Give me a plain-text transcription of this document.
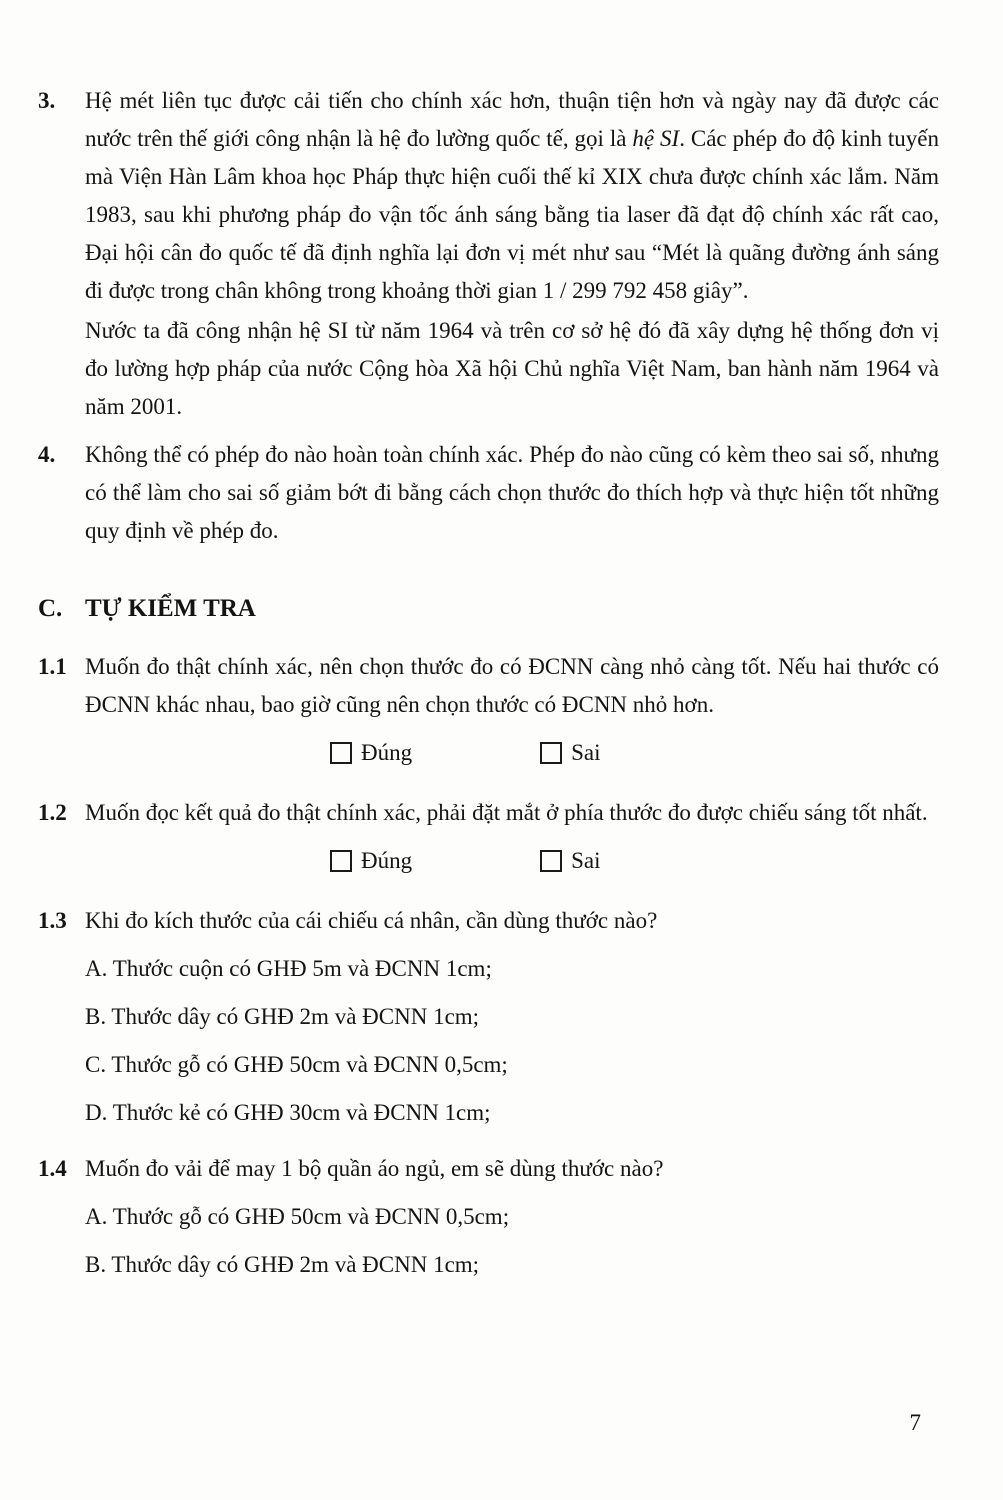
3.	Hệ mét liên tục được cải tiến cho chính xác hơn, thuận tiện hơn và ngày nay đã được các nước trên thế giới công nhận là hệ đo lường quốc tế, gọi là hệ SI. Các phép đo độ kinh tuyến mà Viện Hàn Lâm khoa học Pháp thực hiện cuối thế kỉ XIX chưa được chính xác lắm. Năm 1983, sau khi phương pháp đo vận tốc ánh sáng bằng tia laser đã đạt độ chính xác rất cao, Đại hội cân đo quốc tế đã định nghĩa lại đơn vị mét như sau “Mét là quãng đường ánh sáng đi được trong chân không trong khoảng thời gian 1 / 299 792 458 giây”.

Nước ta đã công nhận hệ SI từ năm 1964 và trên cơ sở hệ đó đã xây dựng hệ thống đơn vị đo lường hợp pháp của nước Cộng hòa Xã hội Chủ nghĩa Việt Nam, ban hành năm 1964 và năm 2001.

4.	Không thể có phép đo nào hoàn toàn chính xác. Phép đo nào cũng có kèm theo sai số, nhưng có thể làm cho sai số giảm bớt đi bằng cách chọn thước đo thích hợp và thực hiện tốt những quy định về phép đo.

C. TỰ KIỂM TRA
1.1 Muốn đo thật chính xác, nên chọn thước đo có ĐCNN càng nhỏ càng tốt. Nếu hai thước có ĐCNN khác nhau, bao giờ cũng nên chọn thước có ĐCNN nhỏ hơn.

Đúng	Sai
1.2 Muốn đọc kết quả đo thật chính xác, phải đặt mắt ở phía thước đo được chiếu sáng tốt nhất.

Đúng	Sai
1.3 Khi đo kích thước của cái chiếu cá nhân, cần dùng thước nào?

A. Thước cuộn có GHĐ 5m và ĐCNN 1cm;
B. Thước dây có GHĐ 2m và ĐCNN 1cm;
C. Thước gỗ có GHĐ 50cm và ĐCNN 0,5cm;
D. Thước kẻ có GHĐ 30cm và ĐCNN 1cm;
1.4 Muốn đo vải để may 1 bộ quần áo ngủ, em sẽ dùng thước nào?

A. Thước gỗ có GHĐ 50cm và ĐCNN 0,5cm;
B. Thước dây có GHĐ 2m và ĐCNN 1cm;
7
